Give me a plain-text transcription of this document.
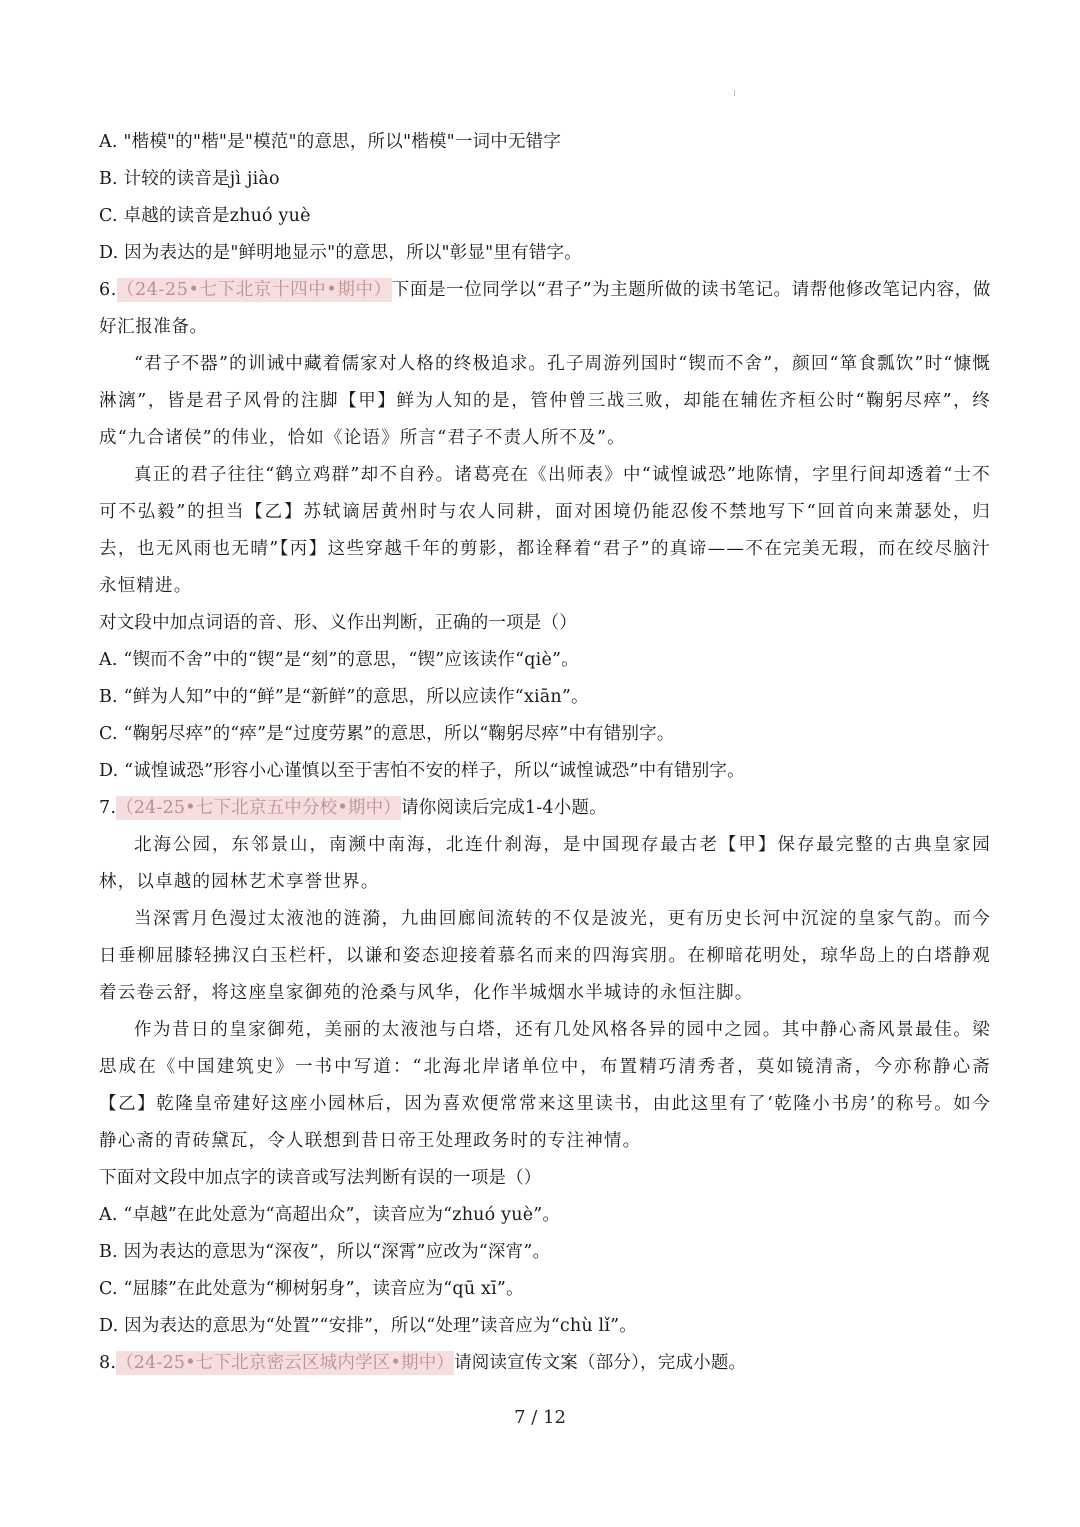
A. "楷模"的"楷"是"模范"的意思，所以"楷模"一词中无错字
B. 计较的读音是jì jiào
C. 卓越的读音是zhuó yuè
D. 因为表达的是"鲜明地显示"的意思，所以"彰显"里有错字。
6.（24-25•七下北京十四中•期中）下面是一位同学以“君子”为主题所做的读书笔记。请帮他修改笔记内容，做好汇报准备。
“君子不器”的训诫中藏着儒家对人格的终极追求。孔子周游列国时“锲而不舍”，颜回“箪食瓢饮”时“慷慨淋漓”，皆是君子风骨的注脚【甲】鲜为人知的是，管仲曾三战三败，却能在辅佐齐桓公时“鞠躬尽瘁”，终成“九合诸侯”的伟业，恰如《论语》所言“君子不责人所不及”。
真正的君子往往“鹤立鸡群”却不自矜。诸葛亮在《出师表》中“诚惶诚恐”地陈情，字里行间却透着“士不可不弘毅”的担当【乙】苏轼谪居黄州时与农人同耕，面对困境仍能忍俊不禁地写下“回首向来萧瑟处，归去，也无风雨也无晴”【丙】这些穿越千年的剪影，都诠释着“君子”的真谛——不在完美无瑕，而在绞尽脑汁永恒精进。
对文段中加点词语的音、形、义作出判断，正确的一项是（）
A. “锲而不舍”中的“锲”是“刻”的意思，“锲”应该读作“qiè”。
B. “鲜为人知”中的“鲜”是“新鲜”的意思，所以应读作“xiān”。
C. “鞠躬尽瘁”的“瘁”是“过度劳累”的意思，所以“鞠躬尽瘁”中有错别字。
D. “诚惶诚恐”形容小心谨慎以至于害怕不安的样子，所以“诚惶诚恐”中有错别字。
7.（24-25•七下北京五中分校•期中）请你阅读后完成1-4小题。
北海公园，东邻景山，南濒中南海，北连什刹海，是中国现存最古老【甲】保存最完整的古典皇家园林，以卓越的园林艺术享誉世界。
当深霄月色漫过太液池的涟漪，九曲回廊间流转的不仅是波光，更有历史长河中沉淀的皇家气韵。而今日垂柳屈膝轻拂汉白玉栏杆，以谦和姿态迎接着慕名而来的四海宾朋。在柳暗花明处，琼华岛上的白塔静观着云卷云舒，将这座皇家御苑的沧桑与风华，化作半城烟水半城诗的永恒注脚。
作为昔日的皇家御苑，美丽的太液池与白塔，还有几处风格各异的园中之园。其中静心斋风景最佳。梁思成在《中国建筑史》一书中写道：“北海北岸诸单位中，布置精巧清秀者，莫如镜清斋，今亦称静心斋【乙】乾隆皇帝建好这座小园林后，因为喜欢便常常来这里读书，由此这里有了‘乾隆小书房’的称号。如今静心斋的青砖黛瓦，令人联想到昔日帝王处理政务时的专注神情。
下面对文段中加点字的读音或写法判断有误的一项是（）
A. “卓越”在此处意为“高超出众”，读音应为“zhuó yuè”。
B. 因为表达的意思为“深夜”，所以“深霄”应改为“深宵”。
C. “屈膝”在此处意为“柳树躬身”，读音应为“qū xī”。
D. 因为表达的意思为“处置”“安排”，所以“处理”读音应为“chù lǐ”。
8.（24-25•七下北京密云区城内学区•期中）请阅读宣传文案（部分），完成小题。
7 / 12
